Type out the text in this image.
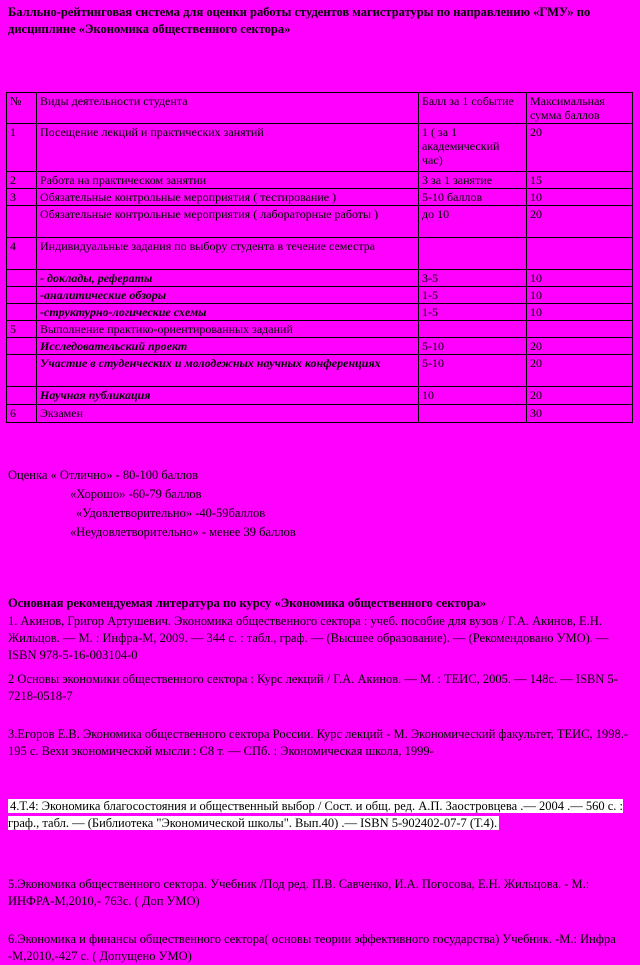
Балльно-рейтинговая система для оценки работы студентов магистратуры по направлению «ГМУ» по дисциплине «Экономика общественного сектора»
№	Виды деятельности студента	Балл за 1 событие	Максимальная сумма баллов
1	Посещение лекций и практических занятий	1 ( за 1 академический час)	20
2	Работа на практическом занятии	3 за 1 занятие	15
3	Обязательные контрольные мероприятия ( тестирование )	5-10 баллов	10
	Обязательные контрольные мероприятия ( лабораторные работы )	до 10	20
4	Индивидуальные задания по выбору студента в течение семестра		
	- доклады, рефераты	3-5	10
	-аналитические обзоры	1-5	10
	-структурно-логические схемы	1-5	10
5	Выполнение практико-ориентированных заданий		
	Исследовательский проект	5-10	20
	Участие в студенческих и молодежных научных конференциях	5-10	20
	Научная публикация	10	20
6	Экзамен		30
Оценка « Отлично» - 80-100 баллов
«Хорошо» -60-79 баллов
«Удовлетворительно» -40-59баллов
«Неудовлетворительно» - менее 39 баллов
Основная рекомендуемая литература по курсу «Экономика общественного сектора»
1. Акинов, Григор Артушевич. Экономика общественного сектора : учеб. пособие для вузов / Г.А. Акинов, Е.Н. Жильцов. — М. : Инфра-М, 2009. — 344 с. : табл., граф. — (Высшее образование). — (Рекомендовано УМО). — ISBN 978-5-16-003104-0
2 Основы экономики общественного сектора : Курс лекций / Г.А. Акинов. — М. : ТЕИС, 2005. — 148с. — ISBN 5-7218-0518-7
3.Егоров Е.В. Экономика общественного сектора России. Курс лекций - М. Экономический факультет, ТЕИС, 1998.- 195 с. Вехи экономической мысли : С8 т. — СПб. : Экономическая школа, 1999-
4.Т.4: Экономика благосостояния и общественный выбор / Сост. и общ. ред. А.П. Заостровцева .— 2004 .— 560 с. : граф., табл. — (Библиотека "Экономической школы". Вып.40) .— ISBN 5-902402-07-7 (Т.4).
5.Экономика общественного сектора. Учебник /Под ред. П.В. Савченко, И.А. Погосова, Е.Н. Жильцова. - М.: ИНФРА-М,2010,- 763с. ( Доп УМО)
6.Экономика и финансы общественного сектора( основы теории эффективного государства) Учебник. -М.: Инфра -М,2010,-427 с. ( Допущено УМО)
